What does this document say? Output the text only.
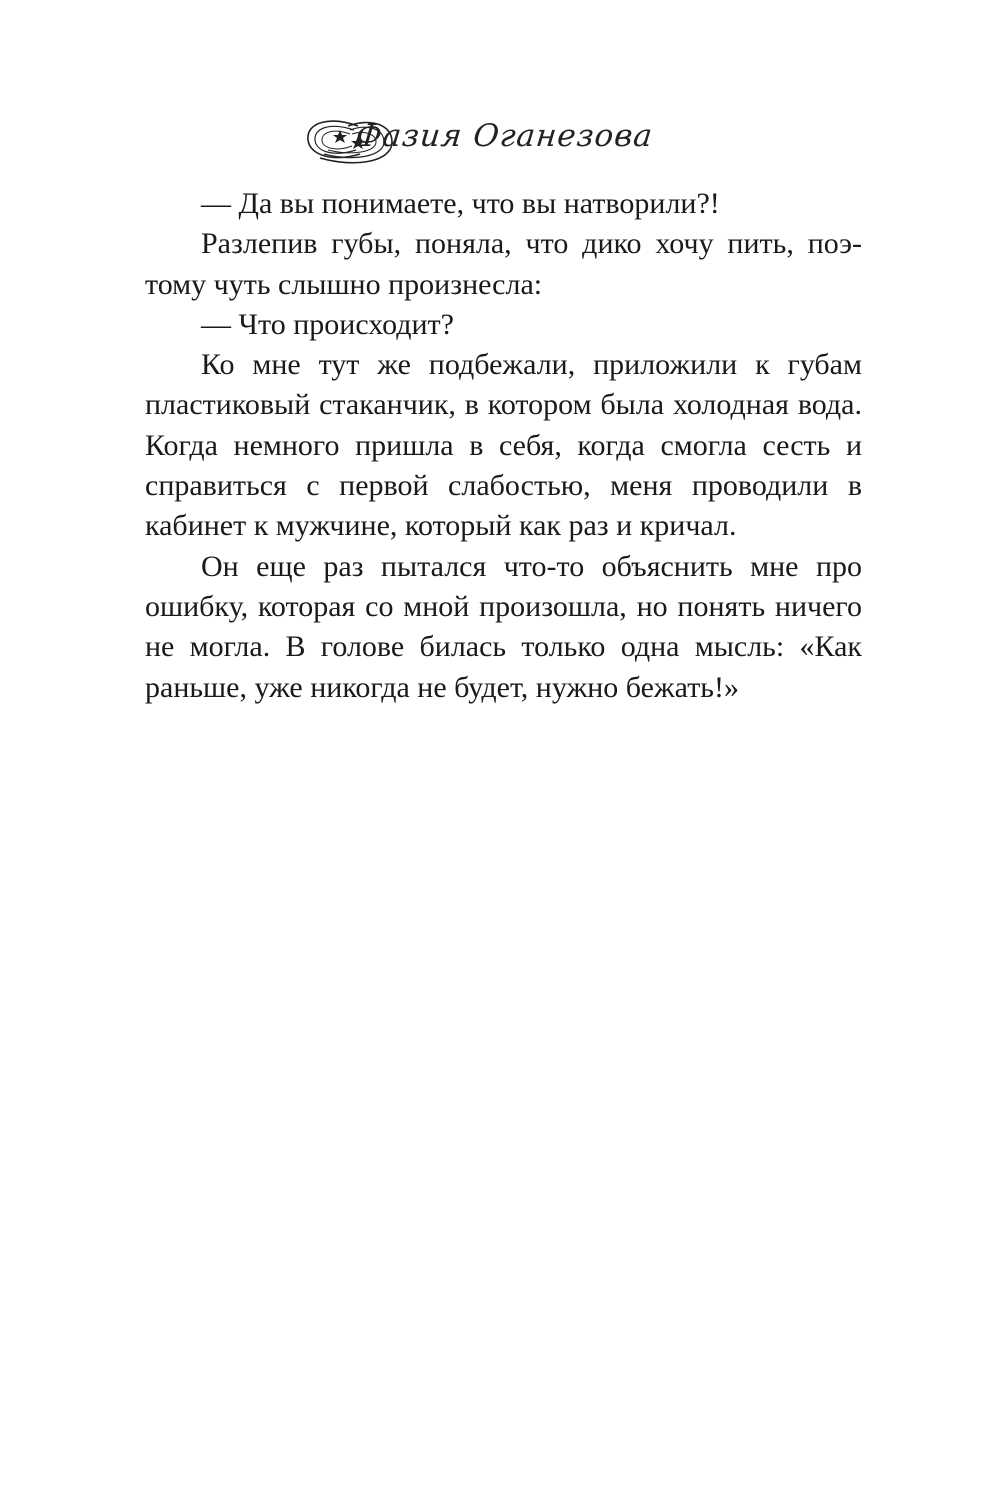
Фазия Оганезова

— Да вы понимаете, что вы натворили?!

Разлепив губы, поняла, что дико хочу пить, поэтому чуть слышно произнесла:

— Что происходит?

Ко мне тут же подбежали, приложили к губам пластиковый стаканчик, в котором была холодная вода. Когда немного пришла в себя, когда смогла сесть и справиться с первой слабостью, меня проводили в кабинет к мужчине, который как раз и кричал.

Он еще раз пытался что-то объяснить мне про ошибку, которая со мной произошла, но понять ничего не могла. В голове билась только одна мысль: «Как раньше, уже никогда не будет, нужно бежать!»
